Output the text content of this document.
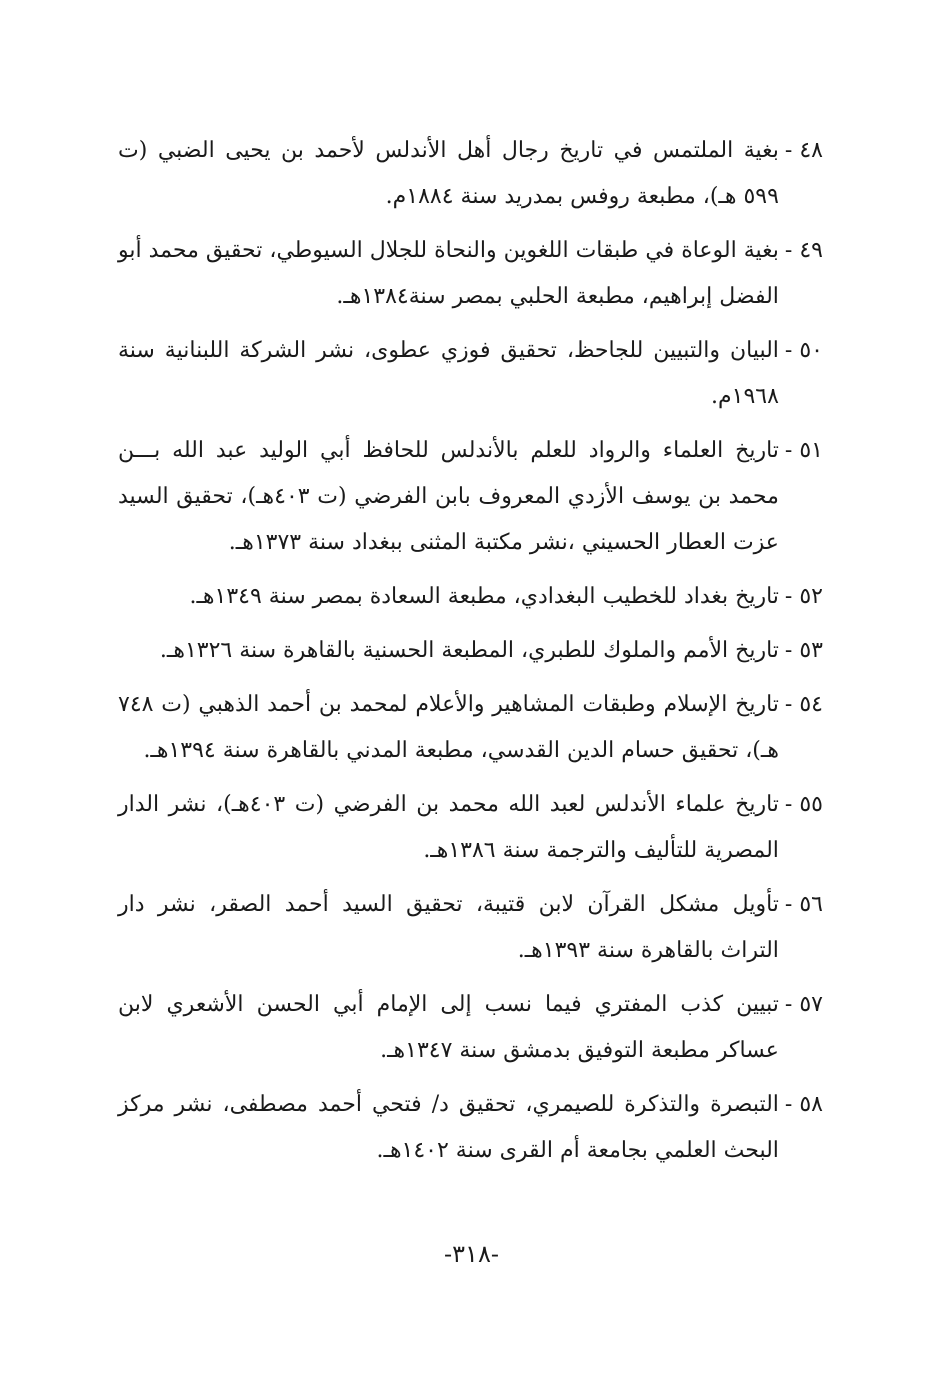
٤٨ -
بغية الملتمس في تاريخ رجال أهل الأندلس لأحمد بن يحيى الضبي (ت ٥٩٩ هـ)، مطبعة روفس بمدريد سنة ١٨٨٤م.
٤٩ -
بغية الوعاة في طبقات اللغوين والنحاة للجلال السيوطي، تحقيق محمد أبو الفضل إبراهيم، مطبعة الحلبي بمصر سنة١٣٨٤هـ.
٥٠ -
البيان والتبيين للجاحظ، تحقيق فوزي عطوى، نشر الشركة اللبنانية سنة ١٩٦٨م.
٥١ -
تاريخ العلماء والرواد للعلم بالأندلس للحافظ أبي الوليد عبد الله بـــن محمد بن يوسف الأزدي المعروف بابن الفرضي (ت ٤٠٣هـ)، تحقيق السيد عزت العطار الحسيني ،نشر مكتبة المثنى ببغداد سنة ١٣٧٣هـ.
٥٢ -
تاريخ بغداد للخطيب البغدادي، مطبعة السعادة بمصر سنة ١٣٤٩هـ.
٥٣ -
تاريخ الأمم والملوك للطبري، المطبعة الحسنية بالقاهرة سنة ١٣٢٦هـ.
٥٤ -
تاريخ الإسلام وطبقات المشاهير والأعلام لمحمد بن أحمد الذهبي (ت ٧٤٨ هـ)، تحقيق حسام الدين القدسي، مطبعة المدني بالقاهرة سنة ١٣٩٤هـ.
٥٥ -
تاريخ علماء الأندلس لعبد الله محمد بن الفرضي (ت ٤٠٣هـ)، نشر الدار المصرية للتأليف والترجمة سنة ١٣٨٦هـ.
٥٦ -
تأويل مشكل القرآن لابن قتيبة، تحقيق السيد أحمد الصقر، نشر دار التراث بالقاهرة سنة ١٣٩٣هـ.
٥٧ -
تبيين كذب المفتري فيما نسب إلى الإمام أبي الحسن الأشعري لابن عساكر مطبعة التوفيق بدمشق سنة ١٣٤٧هـ.
٥٨ -
التبصرة والتذكرة للصيمري، تحقيق د/ فتحي أحمد مصطفى، نشر مركز البحث العلمي بجامعة أم القرى سنة ١٤٠٢هـ.
-٣١٨-
